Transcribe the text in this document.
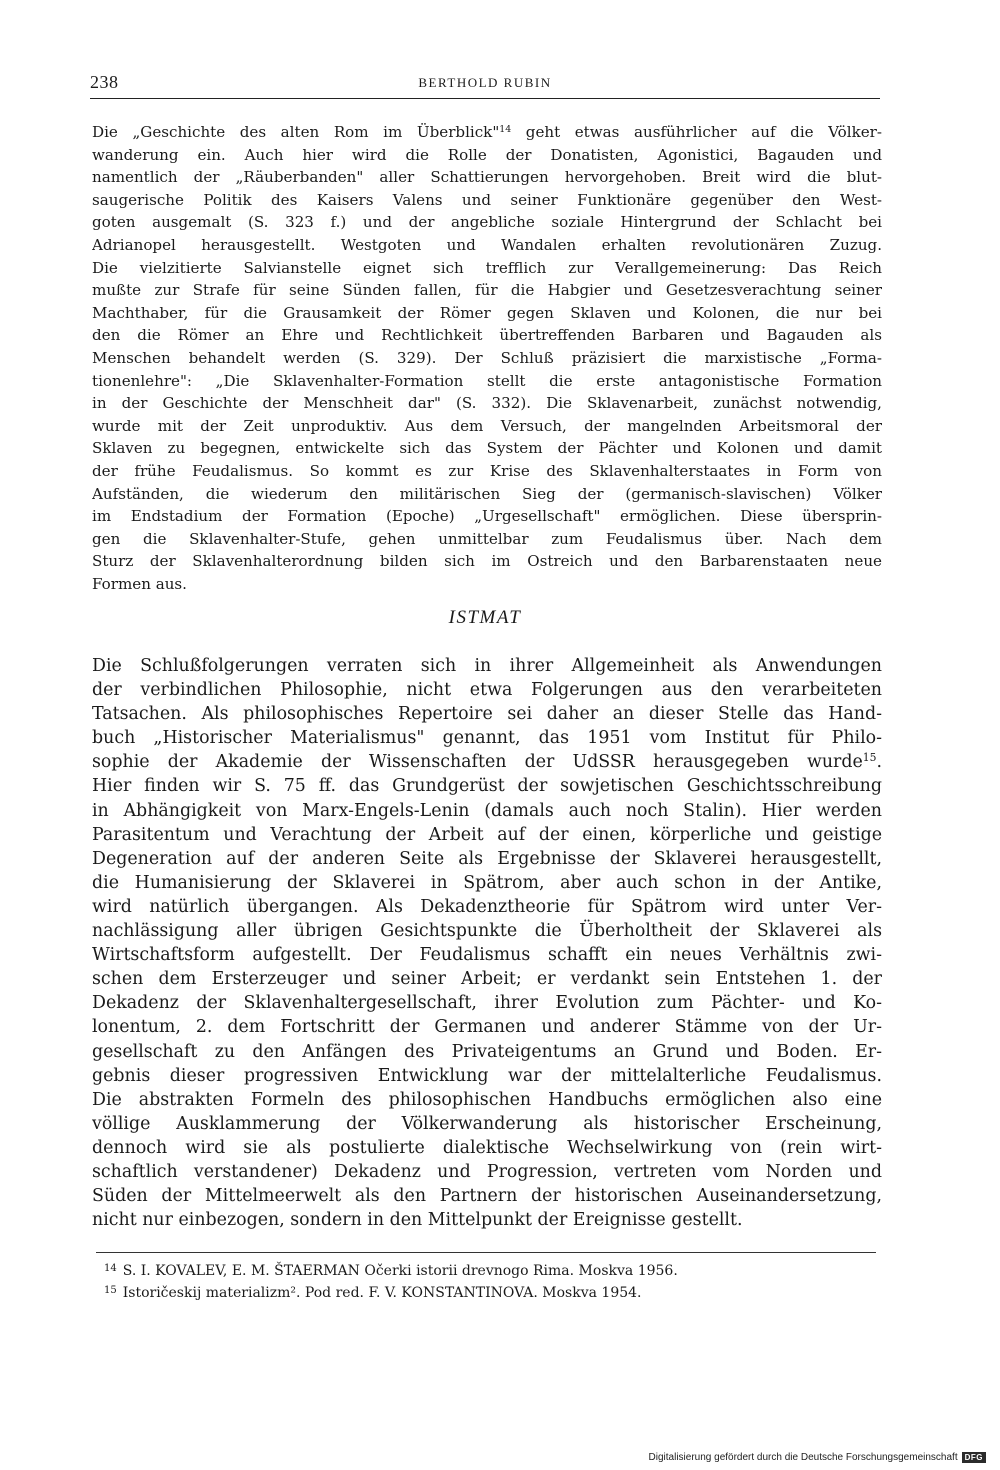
238	BERTHOLD RUBIN
Die „Geschichte des alten Rom im Überblick"$^{14}$ geht etwas ausführlicher auf die Völker-
wanderung ein. Auch hier wird die Rolle der Donatisten, Agonistici, Bagauden und
namentlich der „Räuberbanden" aller Schattierungen hervorgehoben. Breit wird die blut-
saugerische Politik des Kaisers Valens und seiner Funktionäre gegenüber den West-
goten ausgemalt (S. 323 f.) und der angebliche soziale Hintergrund der Schlacht bei
Adrianopel herausgestellt. Westgoten und Wandalen erhalten revolutionären Zuzug.
Die vielzitierte Salvianstelle eignet sich trefflich zur Verallgemeinerung: Das Reich
mußte zur Strafe für seine Sünden fallen, für die Habgier und Gesetzesverachtung seiner
Machthaber, für die Grausamkeit der Römer gegen Sklaven und Kolonen, die nur bei
den die Römer an Ehre und Rechtlichkeit übertreffenden Barbaren und Bagauden als
Menschen behandelt werden (S. 329). Der Schluß präzisiert die marxistische „Forma-
tionenlehre": „Die Sklavenhalter-Formation stellt die erste antagonistische Formation
in der Geschichte der Menschheit dar" (S. 332). Die Sklavenarbeit, zunächst notwendig,
wurde mit der Zeit unproduktiv. Aus dem Versuch, der mangelnden Arbeitsmoral der
Sklaven zu begegnen, entwickelte sich das System der Pächter und Kolonen und damit
der frühe Feudalismus. So kommt es zur Krise des Sklavenhalterstaates in Form von
Aufständen, die wiederum den militärischen Sieg der (germanisch-slavischen) Völker
im Endstadium der Formation (Epoche) „Urgesellschaft" ermöglichen. Diese übersprin-
gen die Sklavenhalter-Stufe, gehen unmittelbar zum Feudalismus über. Nach dem
Sturz der Sklavenhalterordnung bilden sich im Ostreich und den Barbarenstaaten neue
Formen aus.
ISTMAT
Die Schlußfolgerungen verraten sich in ihrer Allgemeinheit als Anwendungen
der verbindlichen Philosophie, nicht etwa Folgerungen aus den verarbeiteten
Tatsachen. Als philosophisches Repertoire sei daher an dieser Stelle das Hand-
buch „Historischer Materialismus" genannt, das 1951 vom Institut für Philo-
sophie der Akademie der Wissenschaften der UdSSR herausgegeben wurde$^{15}$.
Hier finden wir S. 75 ff. das Grundgerüst der sowjetischen Geschichtsschreibung
in Abhängigkeit von Marx-Engels-Lenin (damals auch noch Stalin). Hier werden
Parasitentum und Verachtung der Arbeit auf der einen, körperliche und geistige
Degeneration auf der anderen Seite als Ergebnisse der Sklaverei herausgestellt,
die Humanisierung der Sklaverei in Spätrom, aber auch schon in der Antike,
wird natürlich übergangen. Als Dekadenztheorie für Spätrom wird unter Ver-
nachlässigung aller übrigen Gesichtspunkte die Überholtheit der Sklaverei als
Wirtschaftsform aufgestellt. Der Feudalismus schafft ein neues Verhältnis zwi-
schen dem Ersterzeuger und seiner Arbeit; er verdankt sein Entstehen 1. der
Dekadenz der Sklavenhaltergesellschaft, ihrer Evolution zum Pächter- und Ko-
lonentum, 2. dem Fortschritt der Germanen und anderer Stämme von der Ur-
gesellschaft zu den Anfängen des Privateigentums an Grund und Boden. Er-
gebnis dieser progressiven Entwicklung war der mittelalterliche Feudalismus.
Die abstrakten Formeln des philosophischen Handbuchs ermöglichen also eine
völlige Ausklammerung der Völkerwanderung als historischer Erscheinung,
dennoch wird sie als postulierte dialektische Wechselwirkung von (rein wirt-
schaftlich verstandener) Dekadenz und Progression, vertreten vom Norden und
Süden der Mittelmeerwelt als den Partnern der historischen Auseinandersetzung,
nicht nur einbezogen, sondern in den Mittelpunkt der Ereignisse gestellt.
$^{14}$ S. I. KOVALEV, E. M. ŠTAERMAN Očerki istorii drevnogo Rima. Moskva 1956.
$^{15}$ Istoričeskij materializm². Pod red. F. V. KONSTANTINOVA. Moskva 1954.
Digitalisierung gefördert durch die Deutsche Forschungsgemeinschaft DFG
